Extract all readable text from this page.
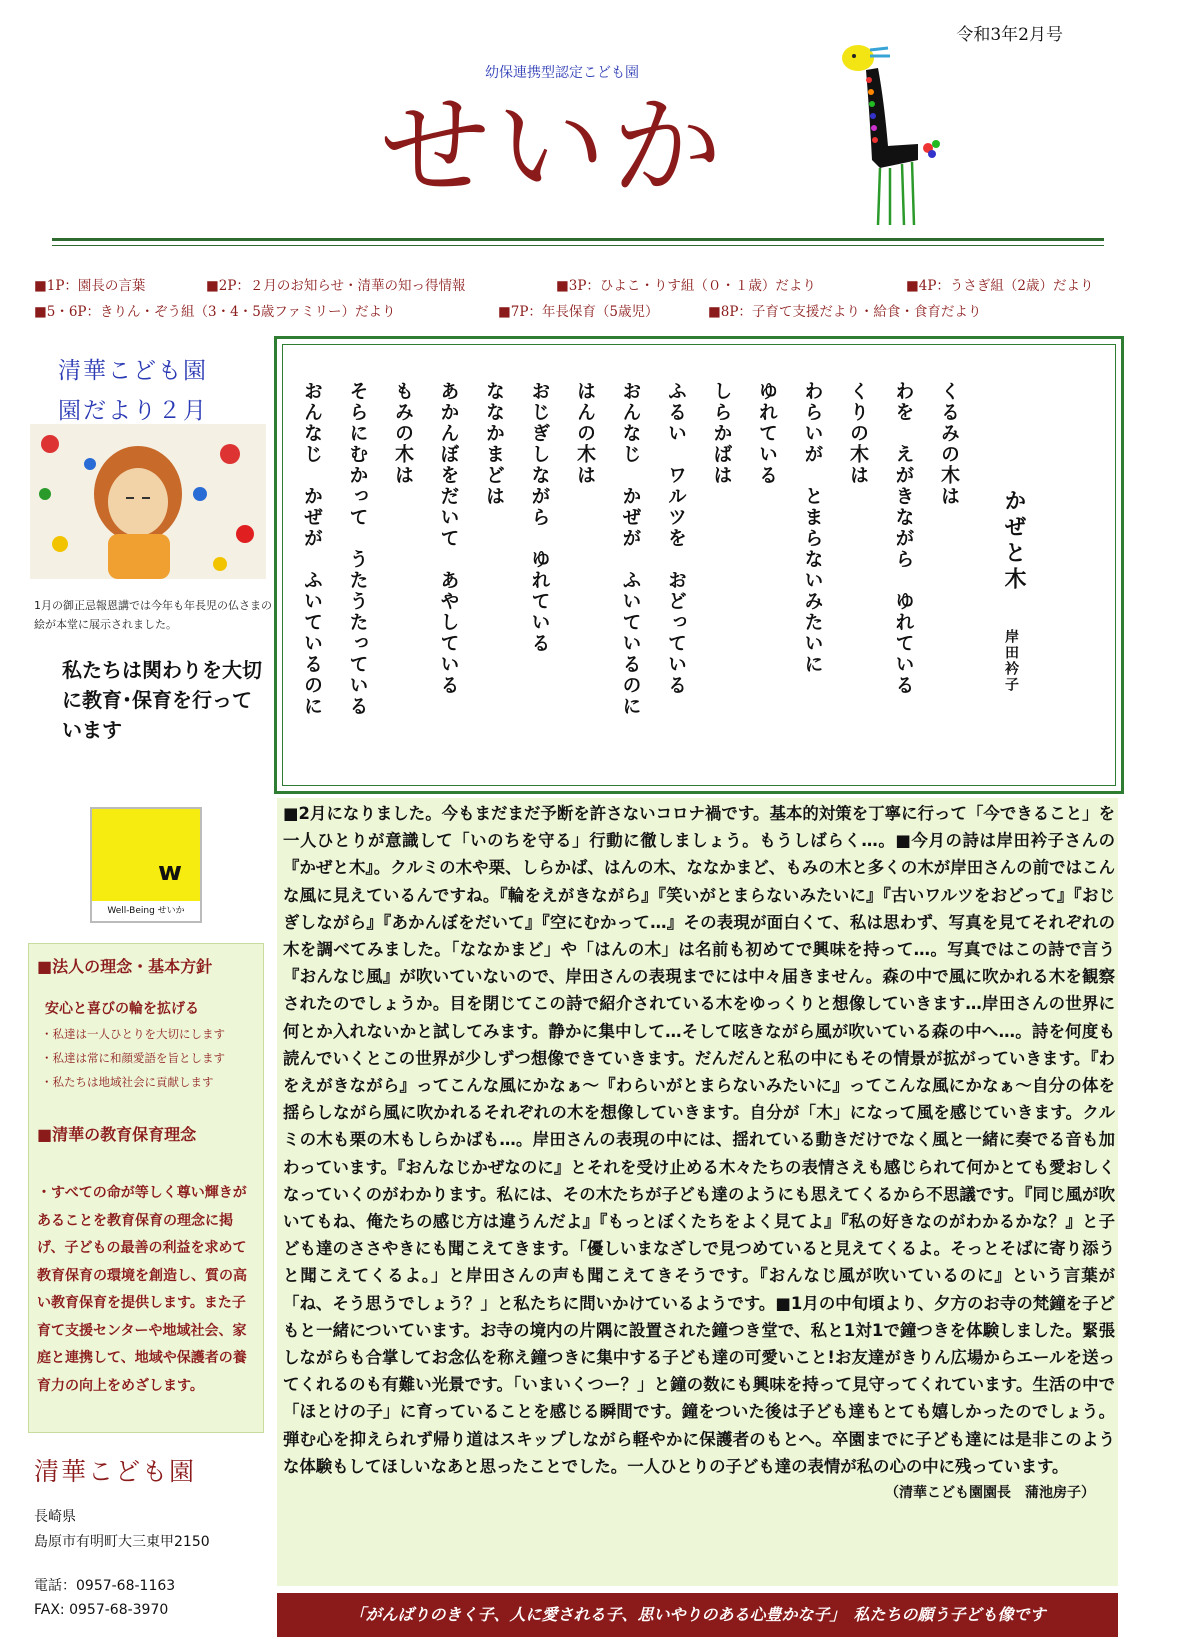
令和3年2月号
幼保連携型認定こども園
せいか
■1P：園長の言葉	■2P：２月のお知らせ・清華の知っ得情報	■3P：ひよこ・りす組（０・１歳）だより	■4P：うさぎ組（2歳）だより
■5・6P：きりん・ぞう組（3・4・5歳ファミリー）だより	■7P：年長保育（5歳児）	■8P：子育て支援だより・給食・食育だより
清華こども園
園だより２月
1月の御正忌報恩講では今年も年長児の仏さまの絵が本堂に展示されました。
私たちは関わりを大切に教育･保育を行っています
w
Well-Being せいか
■法人の理念・基本方針
安心と喜びの輪を拡げる
・私達は一人ひとりを大切にします
・私達は常に和顔愛語を旨とします
・私たちは地域社会に貢献します
■清華の教育保育理念
・すべての命が等しく尊い輝きがあることを教育保育の理念に掲げ、子どもの最善の利益を求めて教育保育の環境を創造し、質の高い教育保育を提供します。また子育て支援センターや地域社会、家庭と連携して、地域や保護者の養育力の向上をめざします。
清華こども園
長崎県
島原市有明町大三東甲2150
電話：0957-68-1163
FAX: 0957-68-3970
かぜと木
岸田衿子
くるみの木は
わを　えがきながら　ゆれている
くりの木は
わらいが　とまらないみたいに
ゆれている
しらかばは
ふるい　ワルツを　おどっている
おんなじ　かぜが　ふいているのに
はんの木は
おじぎしながら　ゆれている
ななかまどは
あかんぼをだいて　あやしている
もみの木は
そらにむかって　うたうたっている
おんなじ　かぜが　ふいているのに
■2月になりました。今もまだまだ予断を許さないコロナ禍です。基本的対策を丁寧に行って「今できること」を一人ひとりが意識して「いのちを守る」行動に徹しましょう。もうしばらく…。■今月の詩は岸田衿子さんの『かぜと木』。クルミの木や栗、しらかば、はんの木、ななかまど、もみの木と多くの木が岸田さんの前ではこんな風に見えているんですね。『輪をえがきながら』『笑いがとまらないみたいに』『古いワルツをおどって』『おじぎしながら』『あかんぼをだいて』『空にむかって…』その表現が面白くて、私は思わず、写真を見てそれぞれの木を調べてみました。「ななかまど」や「はんの木」は名前も初めてで興味を持って…。写真ではこの詩で言う『おんなじ風』が吹いていないので、岸田さんの表現までには中々届きません。森の中で風に吹かれる木を観察されたのでしょうか。目を閉じてこの詩で紹介されている木をゆっくりと想像していきます…岸田さんの世界に何とか入れないかと試してみます。静かに集中して…そして呟きながら風が吹いている森の中へ…。詩を何度も読んでいくとこの世界が少しずつ想像できていきます。だんだんと私の中にもその情景が拡がっていきます。『わをえがきながら』ってこんな風にかなぁ～『わらいがとまらないみたいに』ってこんな風にかなぁ～自分の体を揺らしながら風に吹かれるそれぞれの木を想像していきます。自分が「木」になって風を感じていきます。クルミの木も栗の木もしらかばも…。岸田さんの表現の中には、揺れている動きだけでなく風と一緒に奏でる音も加わっています。『おんなじかぜなのに』とそれを受け止める木々たちの表情さえも感じられて何かとても愛おしくなっていくのがわかります。私には、その木たちが子ども達のようにも思えてくるから不思議です。『同じ風が吹いてもね、俺たちの感じ方は違うんだよ』『もっとぼくたちをよく見てよ』『私の好きなのがわかるかな？』と子ども達のささやきにも聞こえてきます。「優しいまなざしで見つめていると見えてくるよ。そっとそばに寄り添うと聞こえてくるよ。」と岸田さんの声も聞こえてきそうです。『おんなじ風が吹いているのに』という言葉が「ね、そう思うでしょう？」と私たちに問いかけているようです。■1月の中旬頃より、夕方のお寺の梵鐘を子どもと一緒についています。お寺の境内の片隅に設置された鐘つき堂で、私と1対1で鐘つきを体験しました。緊張しながらも合掌してお念仏を称え鐘つきに集中する子ども達の可愛いこと!お友達がきりん広場からエールを送ってくれるのも有難い光景です。「いまいくつー？」と鐘の数にも興味を持って見守ってくれています。生活の中で「ほとけの子」に育っていることを感じる瞬間です。鐘をついた後は子ども達もとても嬉しかったのでしょう。弾む心を抑えられず帰り道はスキップしながら軽やかに保護者のもとへ。卒園までに子ども達には是非このような体験もしてほしいなあと思ったことでした。一人ひとりの子ども達の表情が私の心の中に残っています。
（清華こども園園長　蒲池房子）
「がんばりのきく子、人に愛される子、思いやりのある心豊かな子」　私たちの願う子ども像です
